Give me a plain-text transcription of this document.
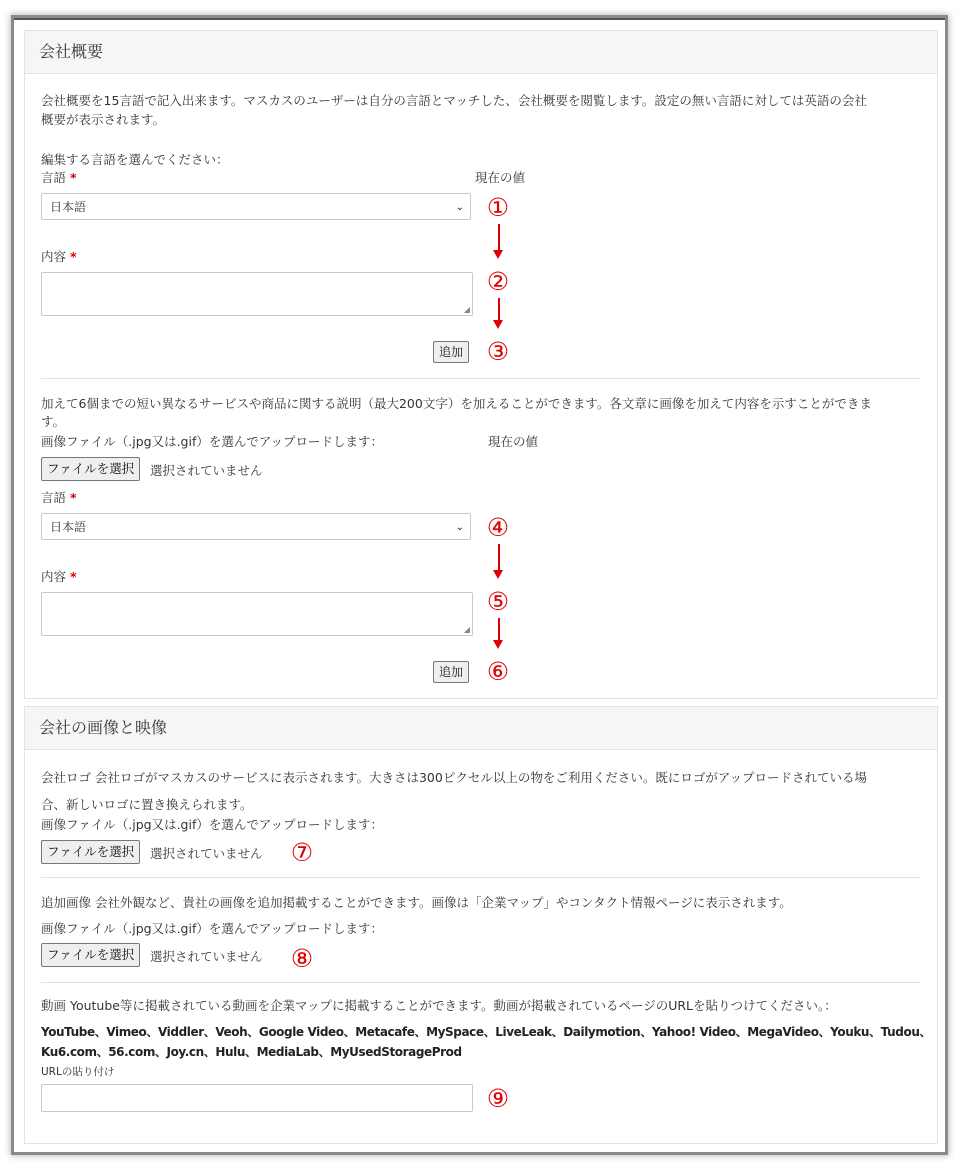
会社概要
会社概要を15言語で記入出来ます。マスカスのユーザーは自分の言語とマッチした、会社概要を閲覧します。設定の無い言語に対しては英語の会社
概要が表示されます。
編集する言語を選んでください：
言語 *	現在の値
日本語	⌄
内容 *
◢
追加
加えて6個までの短い異なるサービスや商品に関する説明（最大200文字）を加えることができます。各文章に画像を加えて内容を示すことができま
す。
画像ファイル（.jpg又は.gif）を選んでアップロードします：	現在の値
ファイルを選択	選択されていません
言語 *
日本語	⌄
内容 *
◢
追加
会社の画像と映像
会社ロゴ 会社ロゴがマスカスのサービスに表示されます。大きさは300ピクセル以上の物をご利用ください。既にロゴがアップロードされている場
合、新しいロゴに置き換えられます。
画像ファイル（.jpg又は.gif）を選んでアップロードします：
ファイルを選択	選択されていません
追加画像 会社外観など、貴社の画像を追加掲載することができます。画像は「企業マップ」やコンタクト情報ページに表示されます。
画像ファイル（.jpg又は.gif）を選んでアップロードします：
ファイルを選択	選択されていません
動画 Youtube等に掲載されている動画を企業マップに掲載することができます。動画が掲載されているページのURLを貼りつけてください。：
YouTube、Vimeo、Viddler、Veoh、Google Video、Metacafe、MySpace、LiveLeak、Dailymotion、Yahoo! Video、MegaVideo、Youku、Tudou、
Ku6.com、56.com、Joy.cn、Hulu、MediaLab、MyUsedStorageProd
URLの貼り付け
①
②
③
④
⑤
⑥
⑦
⑧
⑨
